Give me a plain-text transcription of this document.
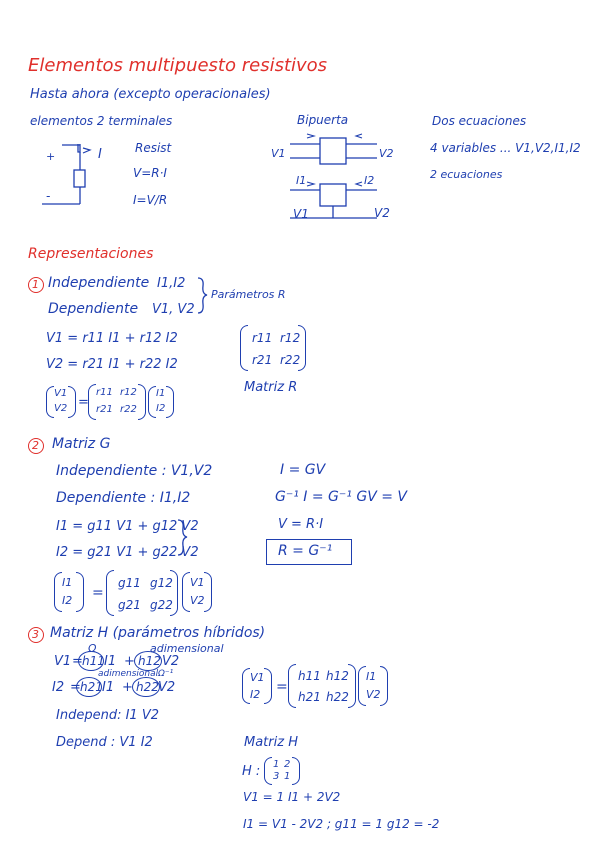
Elementos multipuesto resistivos
Hasta ahora (excepto operacionales)
elementos 2 terminales
+
-
I	Resist
V=R·I
I=V/R
Bipuerta
V1	V2
I1	I2
V1	V2
Dos ecuaciones
4 variables ... V1,V2,I1,I2
2 ecuaciones
Representaciones
1 Independiente I1,I2
Dependiente V1, V2
Parámetros R
V1 = r11 I1 + r12 I2
V2 = r21 I1 + r22 I2
r11 r12
r21 r22
Matriz R
V1
V2 =
r11 r12
r21 r22
I1
I2
2 Matriz G
Independiente : V1,V2
Dependiente : I1,I2
I = GV
G⁻¹ I = G⁻¹ GV = V
I1 = g11 V1 + g12 V2
I2 = g21 V1 + g22 V2
V = R·I
R = G⁻¹
I1
I2 =
g11 g12
g21 g22
V1
V2
3 Matriz H (parámetros híbridos)
Ω	adimensional
V1 = h11 I1 + h12 V2
adimensional Ω⁻¹
I2 = h21 I1 + h22 V2
Independ: I1 V2
Depend : V1 I2
V1
I2 =
h11 h12
h21 h22
I1
V2
Matriz H
H : 1 2
3 1
V1 = 1 I1 + 2V2
I1 = V1 - 2V2 ; g11 = 1 g12 = -2
